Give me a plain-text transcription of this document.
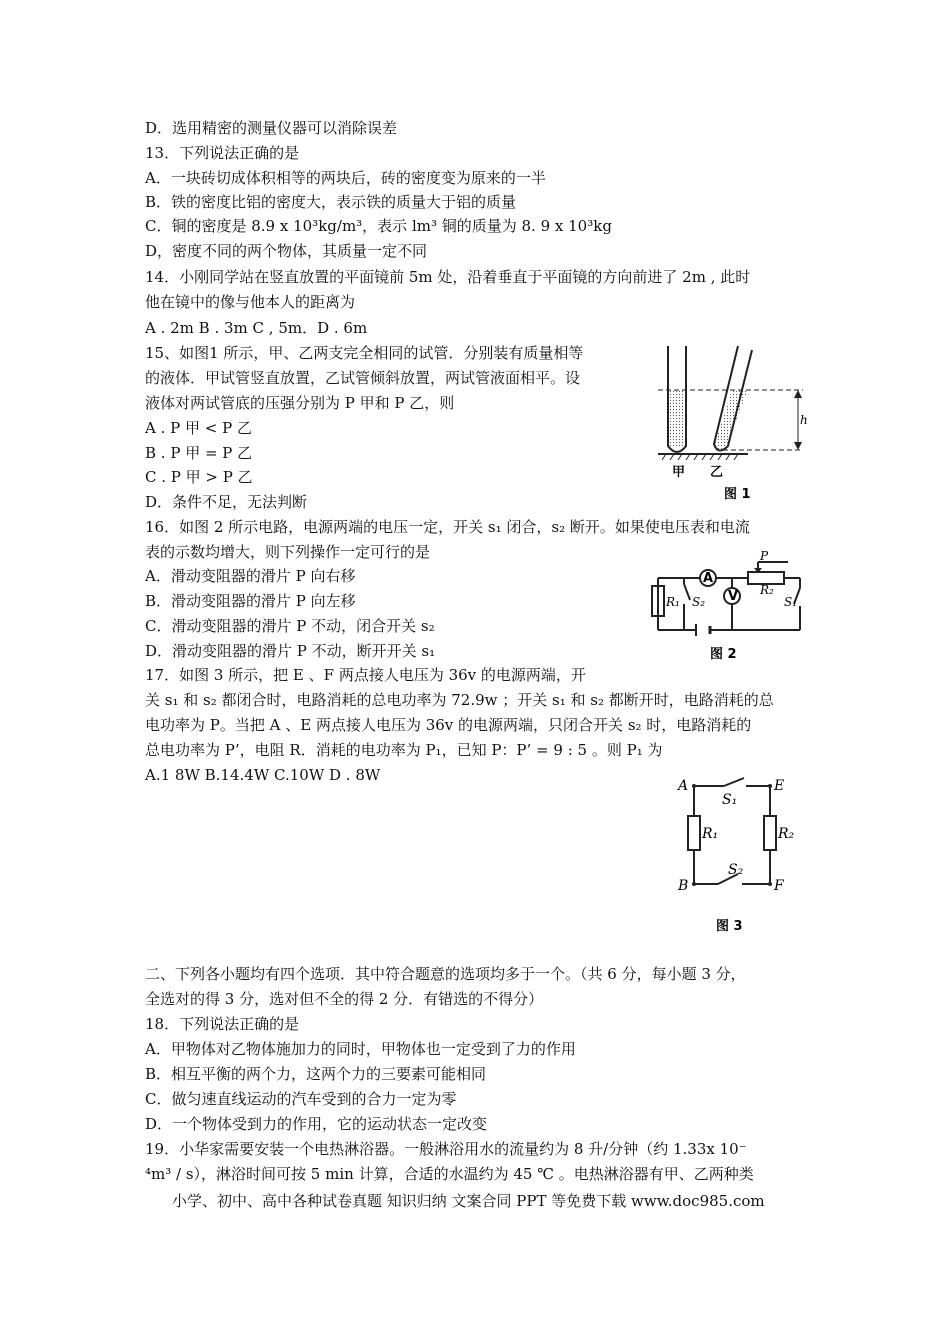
D．选用精密的测量仪器可以消除误差
13．下列说法正确的是
A．一块砖切成体积相等的两块后，砖的密度变为原来的一半
B．铁的密度比铝的密度大，表示铁的质量大于铝的质量
C．铜的密度是 8.9 x 10³kg/m³，表示 lm³ 铜的质量为 8. 9 x 10³kg
D，密度不同的两个物体，其质量一定不同
14．小刚同学站在竖直放置的平面镜前 5m 处，沿着垂直于平面镜的方向前进了 2m , 此时
他在镜中的像与他本人的距离为
A . 2m B . 3m C , 5m．D . 6m
15、如图1 所示，甲、乙两支完全相同的试管．分别装有质量相等
的液体．甲试管竖直放置，乙试管倾斜放置，两试管液面相平。设
液体对两试管底的压强分别为 P 甲和 P 乙，则
A . P 甲 < P 乙
B . P 甲 = P 乙
C . P 甲 > P 乙
D．条件不足，无法判断
16．如图 2 所示电路，电源两端的电压一定，开关 s₁ 闭合，s₂ 断开。如果使电压表和电流
表的示数均增大，则下列操作一定可行的是
A．滑动变阻器的滑片 P 向右移
B．滑动变阻器的滑片 P 向左移
C．滑动变阻器的滑片 P 不动，闭合开关 s₂
D．滑动变阻器的滑片 P 不动，断开开关 s₁
17．如图 3 所示，把 E 、F 两点接人电压为 36v 的电源两端，开
关 s₁ 和 s₂ 都闭合时，电路消耗的总电功率为 72.9w ；开关 s₁ 和 s₂ 都断开时，电路消耗的总
电功率为 P。当把 A 、E 两点接人电压为 36v 的电源两端，只闭合开关 s₂ 时，电路消耗的
总电功率为 P’，电阻 R．消耗的电功率为 P₁，已知 P：P’ = 9 : 5 。则 P₁ 为
A.1 8W B.14.4W C.10W D . 8W
二、下列各小题均有四个选项．其中符合题意的选项均多于一个。（共 6 分，每小题 3 分，
全选对的得 3 分，选对但不全的得 2 分．有错选的不得分）
18．下列说法正确的是
A．甲物体对乙物体施加力的同时，甲物体也一定受到了力的作用
B．相互平衡的两个力，这两个力的三要素可能相同
C．做匀速直线运动的汽车受到的合力一定为零
D．一个物体受到力的作用，它的运动状态一定改变
19．小华家需要安装一个电热淋浴器。一般淋浴用水的流量约为 8 升/分钟（约 1.33x 10⁻
⁴m³ / s），淋浴时间可按 5 min 计算，合适的水温约为 45 ℃ 。电热淋浴器有甲、乙两种类
小学、初中、高中各种试卷真题 知识归纳 文案合同 PPT 等免费下载 www.doc985.com
h
甲 乙
图 1
A
V
R₁
R₂
S₂	S₁
P
图 2
A	E
B	F
S₁
S₂
R₁	R₂
图 3
